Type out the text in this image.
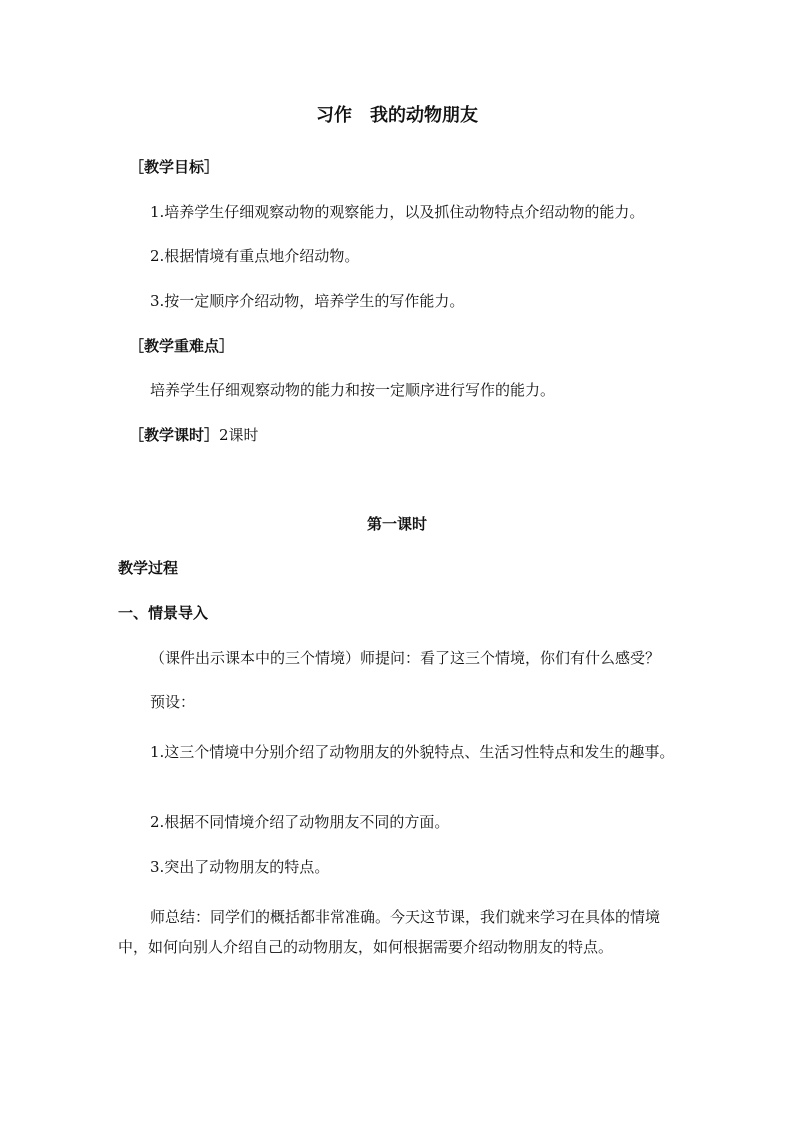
习作　我的动物朋友
［教学目标］
1.培养学生仔细观察动物的观察能力，以及抓住动物特点介绍动物的能力。
2.根据情境有重点地介绍动物。
3.按一定顺序介绍动物，培养学生的写作能力。
［教学重难点］
培养学生仔细观察动物的能力和按一定顺序进行写作的能力。
［教学课时］2课时
第一课时
教学过程
一、情景导入
（课件出示课本中的三个情境）师提问：看了这三个情境，你们有什么感受？
预设：
1.这三个情境中分别介绍了动物朋友的外貌特点、生活习性特点和发生的趣事。
2.根据不同情境介绍了动物朋友不同的方面。
3.突出了动物朋友的特点。
师总结：同学们的概括都非常准确。今天这节课，我们就来学习在具体的情境中，如何向别人介绍自己的动物朋友，如何根据需要介绍动物朋友的特点。
